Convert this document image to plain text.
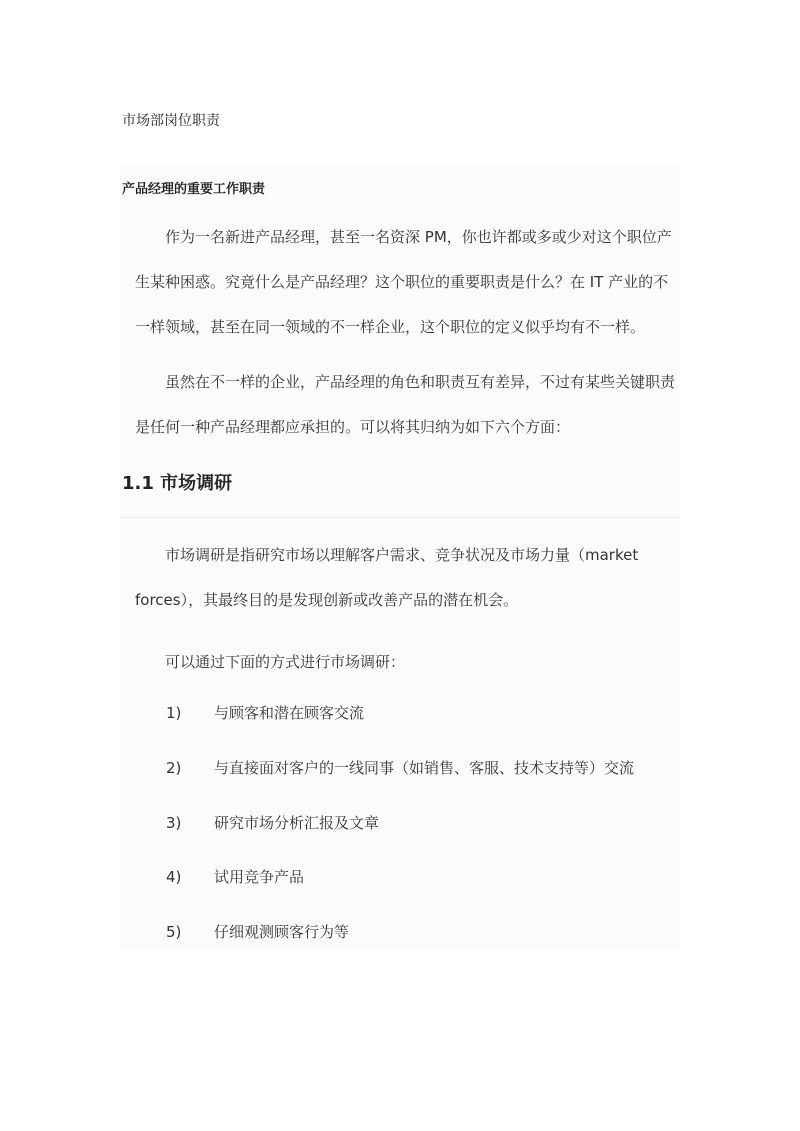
市场部岗位职责
产品经理的重要工作职责
作为一名新进产品经理，甚至一名资深 PM，你也许都或多或少对这个职位产生某种困惑。究竟什么是产品经理？这个职位的重要职责是什么？在 IT 产业的不一样领域，甚至在同一领域的不一样企业，这个职位的定义似乎均有不一样。
虽然在不一样的企业，产品经理的角色和职责互有差异，不过有某些关键职责是任何一种产品经理都应承担的。可以将其归纳为如下六个方面：
1.1 市场调研
市场调研是指研究市场以理解客户需求、竞争状况及市场力量（market forces），其最终目的是发现创新或改善产品的潜在机会。
可以通过下面的方式进行市场调研：
1) 与顾客和潜在顾客交流
2) 与直接面对客户的一线同事（如销售、客服、技术支持等）交流
3) 研究市场分析汇报及文章
4) 试用竞争产品
5) 仔细观测顾客行为等
